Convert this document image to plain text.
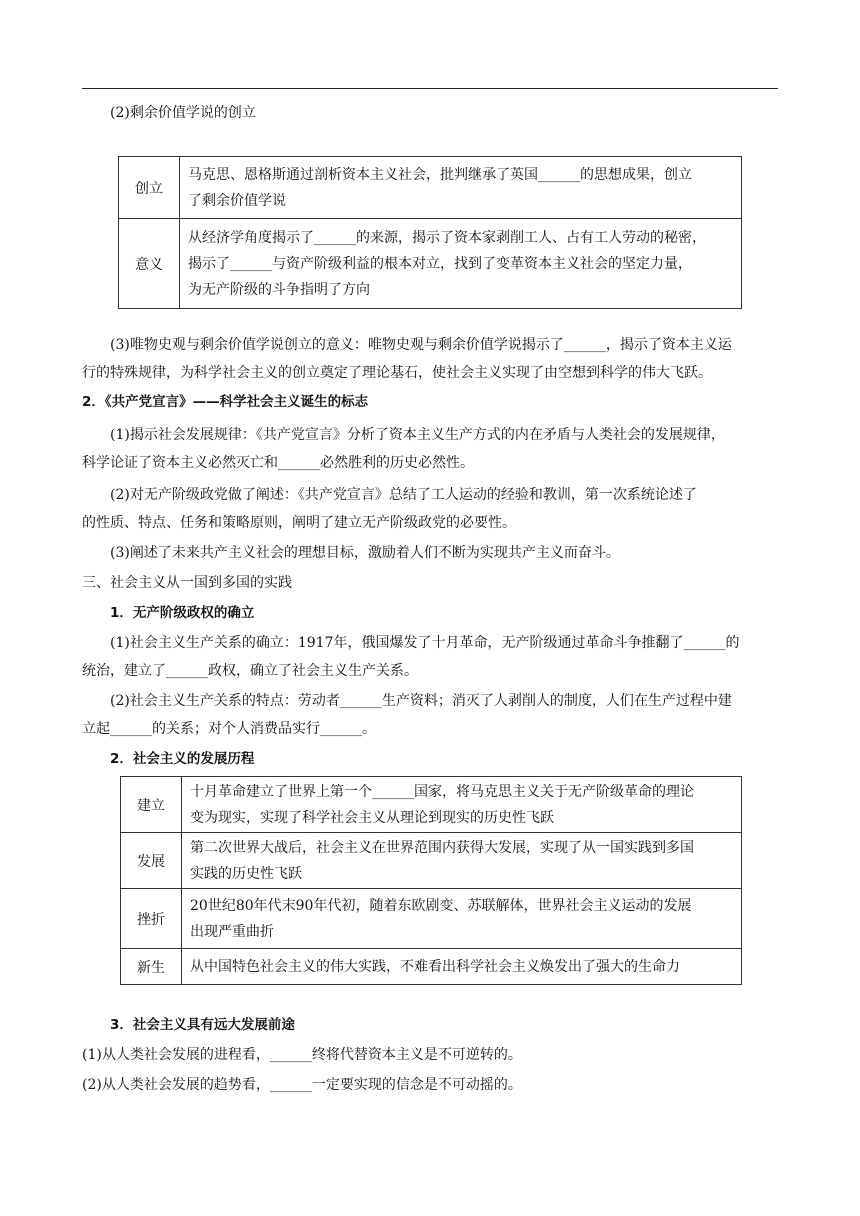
(2)剩余价值学说的创立
创立	马克思、恩格斯通过剖析资本主义社会，批判继承了英国______的思想成果，创立
了剩余价值学说

意义	从经济学角度揭示了______的来源，揭示了资本家剥削工人、占有工人劳动的秘密，
揭示了______与资产阶级利益的根本对立，找到了变革资本主义社会的坚定力量，
为无产阶级的斗争指明了方向
(3)唯物史观与剩余价值学说创立的意义：唯物史观与剩余价值学说揭示了______，揭示了资本主义运
行的特殊规律，为科学社会主义的创立奠定了理论基石，使社会主义实现了由空想到科学的伟大飞跃。
2．《共产党宣言》——科学社会主义诞生的标志
(1)揭示社会发展规律：《共产党宣言》分析了资本主义生产方式的内在矛盾与人类社会的发展规律，
科学论证了资本主义必然灭亡和______必然胜利的历史必然性。
(2)对无产阶级政党做了阐述：《共产党宣言》总结了工人运动的经验和教训，第一次系统论述了
的性质、特点、任务和策略原则，阐明了建立无产阶级政党的必要性。
(3)阐述了未来共产主义社会的理想目标，激励着人们不断为实现共产主义而奋斗。
三、社会主义从一国到多国的实践
1．无产阶级政权的确立
(1)社会主义生产关系的确立：1917年，俄国爆发了十月革命，无产阶级通过革命斗争推翻了______的
统治，建立了______政权，确立了社会主义生产关系。
(2)社会主义生产关系的特点：劳动者______生产资料；消灭了人剥削人的制度，人们在生产过程中建
立起______的关系；对个人消费品实行______。
2．社会主义的发展历程
建立	十月革命建立了世界上第一个______国家，将马克思主义关于无产阶级革命的理论
变为现实，实现了科学社会主义从理论到现实的历史性飞跃

发展	第二次世界大战后，社会主义在世界范围内获得大发展，实现了从一国实践到多国
实践的历史性飞跃

挫折	20世纪80年代末90年代初，随着东欧剧变、苏联解体，世界社会主义运动的发展
出现严重曲折

新生	从中国特色社会主义的伟大实践，不难看出科学社会主义焕发出了强大的生命力
3．社会主义具有远大发展前途
(1)从人类社会发展的进程看，______终将代替资本主义是不可逆转的。
(2)从人类社会发展的趋势看，______一定要实现的信念是不可动摇的。
